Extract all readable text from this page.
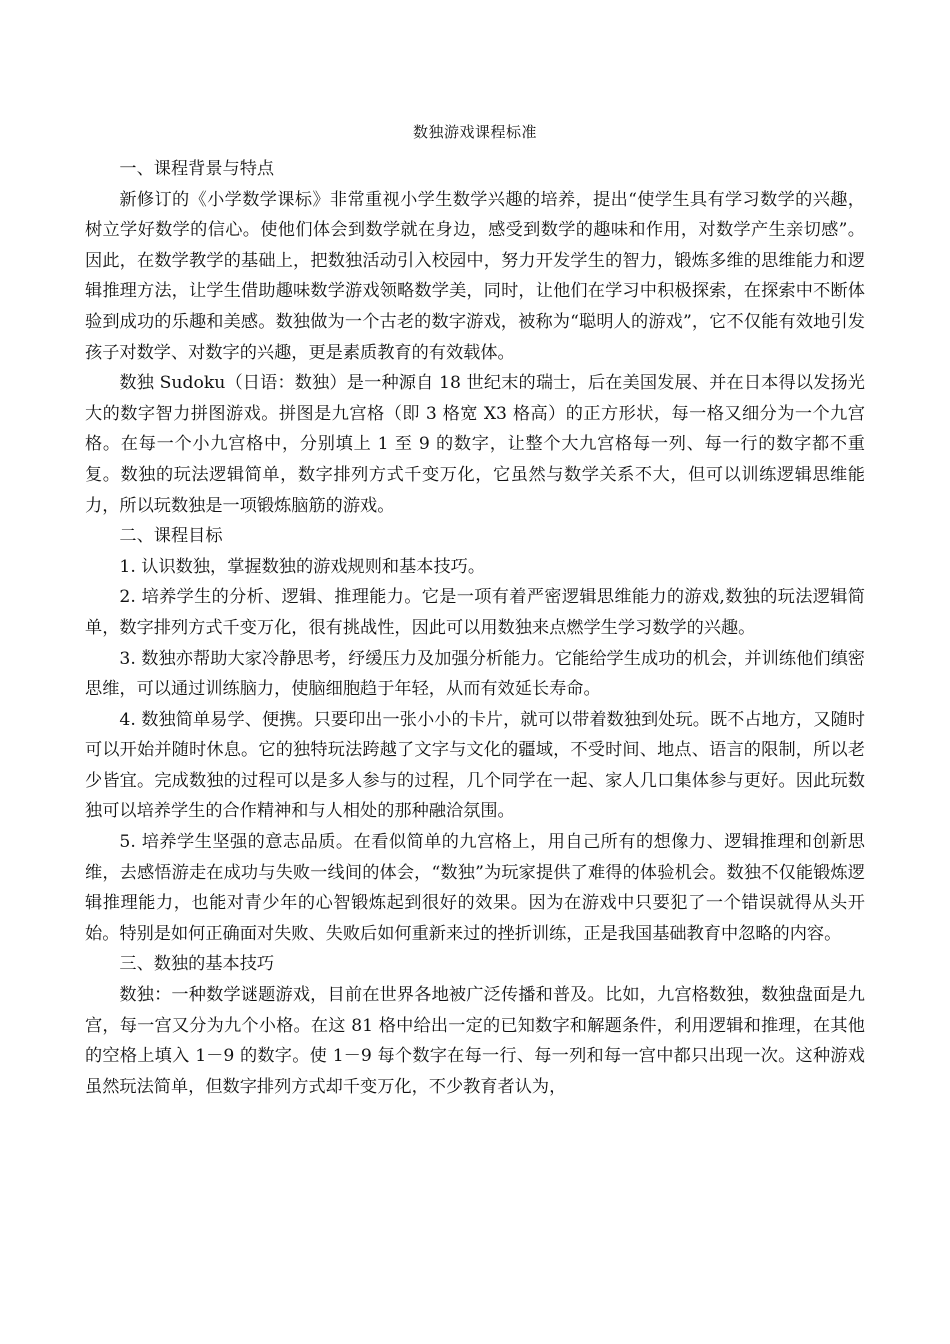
数独游戏课程标准

一、课程背景与特点

新修订的《小学数学课标》非常重视小学生数学兴趣的培养，提出“使学生具有学习数学的兴趣，树立学好数学的信心。使他们体会到数学就在身边，感受到数学的趣味和作用，对数学产生亲切感”。因此，在数学教学的基础上，把数独活动引入校园中，努力开发学生的智力，锻炼多维的思维能力和逻辑推理方法，让学生借助趣味数学游戏领略数学美，同时，让他们在学习中积极探索，在探索中不断体验到成功的乐趣和美感。数独做为一个古老的数字游戏，被称为“聪明人的游戏”，它不仅能有效地引发孩子对数学、对数字的兴趣，更是素质教育的有效载体。

数独 Sudoku（日语：数独）是一种源自 18 世纪末的瑞士，后在美国发展、并在日本得以发扬光大的数字智力拼图游戏。拼图是九宫格（即 3 格宽 X3 格高）的正方形状，每一格又细分为一个九宫格。在每一个小九宫格中，分别填上 1 至 9 的数字，让整个大九宫格每一列、每一行的数字都不重复。数独的玩法逻辑简单，数字排列方式千变万化，它虽然与数学关系不大，但可以训练逻辑思维能力，所以玩数独是一项锻炼脑筋的游戏。

二、课程目标

1. 认识数独，掌握数独的游戏规则和基本技巧。

2. 培养学生的分析、逻辑、推理能力。它是一项有着严密逻辑思维能力的游戏,数独的玩法逻辑简单，数字排列方式千变万化，很有挑战性，因此可以用数独来点燃学生学习数学的兴趣。

3. 数独亦帮助大家冷静思考，纾缓压力及加强分析能力。它能给学生成功的机会，并训练他们缜密思维，可以通过训练脑力，使脑细胞趋于年轻，从而有效延长寿命。

4. 数独简单易学、便携。只要印出一张小小的卡片，就可以带着数独到处玩。既不占地方，又随时可以开始并随时休息。它的独特玩法跨越了文字与文化的疆域，不受时间、地点、语言的限制，所以老少皆宜。完成数独的过程可以是多人参与的过程，几个同学在一起、家人几口集体参与更好。因此玩数独可以培养学生的合作精神和与人相处的那种融洽氛围。

5. 培养学生坚强的意志品质。在看似简单的九宫格上，用自己所有的想像力、逻辑推理和创新思维，去感悟游走在成功与失败一线间的体会，“数独”为玩家提供了难得的体验机会。数独不仅能锻炼逻辑推理能力，也能对青少年的心智锻炼起到很好的效果。因为在游戏中只要犯了一个错误就得从头开始。特别是如何正确面对失败、失败后如何重新来过的挫折训练，正是我国基础教育中忽略的内容。

三、数独的基本技巧

数独：一种数学谜题游戏，目前在世界各地被广泛传播和普及。比如，九宫格数独，数独盘面是九宫，每一宫又分为九个小格。在这 81 格中给出一定的已知数字和解题条件，利用逻辑和推理，在其他的空格上填入 1－9 的数字。使 1－9 每个数字在每一行、每一列和每一宫中都只出现一次。这种游戏虽然玩法简单，但数字排列方式却千变万化，不少教育者认为，
